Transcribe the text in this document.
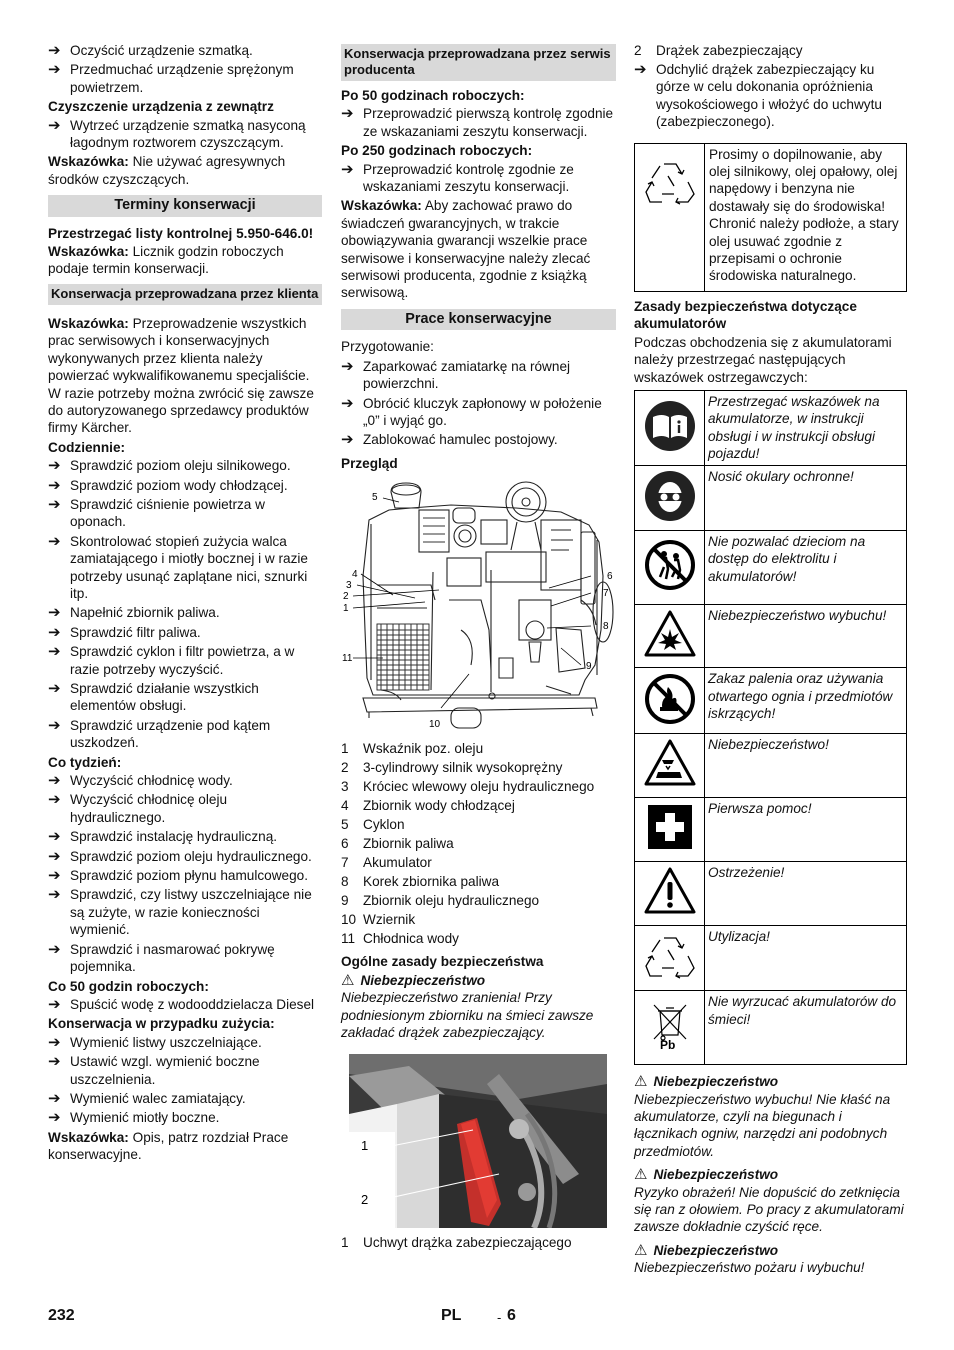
➔ Oczyścić urządzenie szmatką.
➔ Przedmuchać urządzenie sprężonym powietrzem.
Czyszczenie urządzenia z zewnątrz
➔ Wytrzeć urządzenie szmatką nasyconą łagodnym roztworem czyszczącym.

Wskazówka: Nie używać agresywnych środków czyszczących.

Terminy konserwacji
Przestrzegać listy kontrolnej 5.950-646.0!

Wskazówka: Licznik godzin roboczych podaje termin konserwacji.

Konserwacja przeprowadzana przez klienta

Wskazówka: Przeprowadzenie wszystkich prac serwisowych i konserwacyjnych wykonywanych przez klienta należy powierzać wykwalifikowanemu specjaliście. W razie potrzeby można zwrócić się zawsze do autoryzowanego sprzedawcy produktów firmy Kärcher.

Codziennie:
➔ Sprawdzić poziom oleju silnikowego.
➔ Sprawdzić poziom wody chłodzącej.
➔ Sprawdzić ciśnienie powietrza w oponach.
➔ Skontrolować stopień zużycia walca zamiatającego i miotły bocznej i w razie potrzeby usunąć zaplątane nici, sznurki itp.
➔ Napełnić zbiornik paliwa.
➔ Sprawdzić filtr paliwa.
➔ Sprawdzić cyklon i filtr powietrza, a w razie potrzeby wyczyścić.
➔ Sprawdzić działanie wszystkich elementów obsługi.
➔ Sprawdzić urządzenie pod kątem uszkodzeń.
Co tydzień:
➔ Wyczyścić chłodnicę wody.
➔ Wyczyścić chłodnicę oleju hydraulicznego.
➔ Sprawdzić instalację hydrauliczną.
➔ Sprawdzić poziom oleju hydraulicznego.
➔ Sprawdzić poziom płynu hamulcowego.
➔ Sprawdzić, czy listwy uszczelniające nie są zużyte, w razie konieczności wymienić.
➔ Sprawdzić i nasmarować pokrywę pojemnika.
Co 50 godzin roboczych:
➔ Spuścić wodę z wodooddzielacza Diesel
Konserwacja w przypadku zużycia:
➔ Wymienić listwy uszczelniające.
➔ Ustawić wzgl. wymienić boczne uszczelnienia.
➔ Wymienić walec zamiatający.
➔ Wymienić miotły boczne.

Wskazówka: Opis, patrz rozdział Prace konserwacyjne.

Konserwacja przeprowadzana przez serwis producenta
Po 50 godzinach roboczych:
➔ Przeprowadzić pierwszą kontrolę zgodnie ze wskazaniami zeszytu konserwacji.
Po 250 godzinach roboczych:
➔ Przeprowadzić kontrolę zgodnie ze wskazaniami zeszytu konserwacji.

Wskazówka: Aby zachować prawo do świadczeń gwarancyjnych, w trakcie obowiązywania gwarancji wszelkie prace serwisowe i konserwacyjne należy zlecać serwisowi producenta, zgodnie z książką serwisową.

Prace konserwacyjne

Przygotowanie:

➔ Zaparkować zamiatarkę na równej powierzchni.
➔ Obrócić kluczyk zapłonowy w położenie „0” i wyjąć go.
➔ Zablokować hamulec postojowy.
Przegląd
5
4
3
2
1
6
7
8
9
10
11
1	Wskaźnik poz. oleju
2	3-cylindrowy silnik wysokoprężny
3	Króciec wlewowy oleju hydraulicznego
4	Zbiornik wody chłodzącej
5	Cyklon
6	Zbiornik paliwa
7	Akumulator
8	Korek zbiornika paliwa
9	Zbiornik oleju hydraulicznego
10 Wziernik
11 Chłodnica wody
Ogólne zasady bezpieczeństwa
⚠ Niebezpieczeństwo

Niebezpieczeństwo zranienia! Przy podniesionym zbiorniku na śmieci zawsze zakładać drążek zabezpieczający.

1
2
1	Uchwyt drążka zabezpieczającego
2	Drążek zabezpieczający
➔ Odchylić drążek zabezpieczający ku górze w celu dokonania opróżnienia wysokościowego i włożyć do uchwytu (zabezpieczonego).
Prosimy o dopilnowanie, aby olej silnikowy, olej opałowy, olej napędowy i benzyna nie dostawały się do środowiska! Chronić należy podłoże, a stary olej usuwać zgodnie z przepisami o ochronie środowiska naturalnego.
Zasady bezpieczeństwa dotyczące akumulatorów

Podczas obchodzenia się z akumulatorami należy przestrzegać następujących wskazówek ostrzegawczych:

	Przestrzegać wskazówek na akumulatorze, w instrukcji obsługi i w instrukcji obsługi pojazdu!
	Nosić okulary ochronne!
	Nie pozwalać dzieciom na dostęp do elektrolitu i akumulatorów!
	Niebezpieczeństwo wybuchu!
	Zakaz palenia oraz używania otwartego ognia i przedmiotów iskrzących!
	Niebezpieczeństwo!
	Pierwsza pomoc!
	Ostrzeżenie!
	Utylizacja!

Pb	Nie wyrzucać akumulatorów do śmieci!
⚠ Niebezpieczeństwo

Niebezpieczeństwo wybuchu! Nie kłaść na akumulatorze, czyli na biegunach i łącznikach ogniw, narzędzi ani podobnych przedmiotów.

⚠ Niebezpieczeństwo

Ryzyko obrażeń! Nie dopuścić do zetknięcia się ran z ołowiem. Po pracy z akumulatorami zawsze dokładnie czyścić ręce.

⚠ Niebezpieczeństwo

Niebezpieczeństwo pożaru i wybuchu!

232	PL	- 6
